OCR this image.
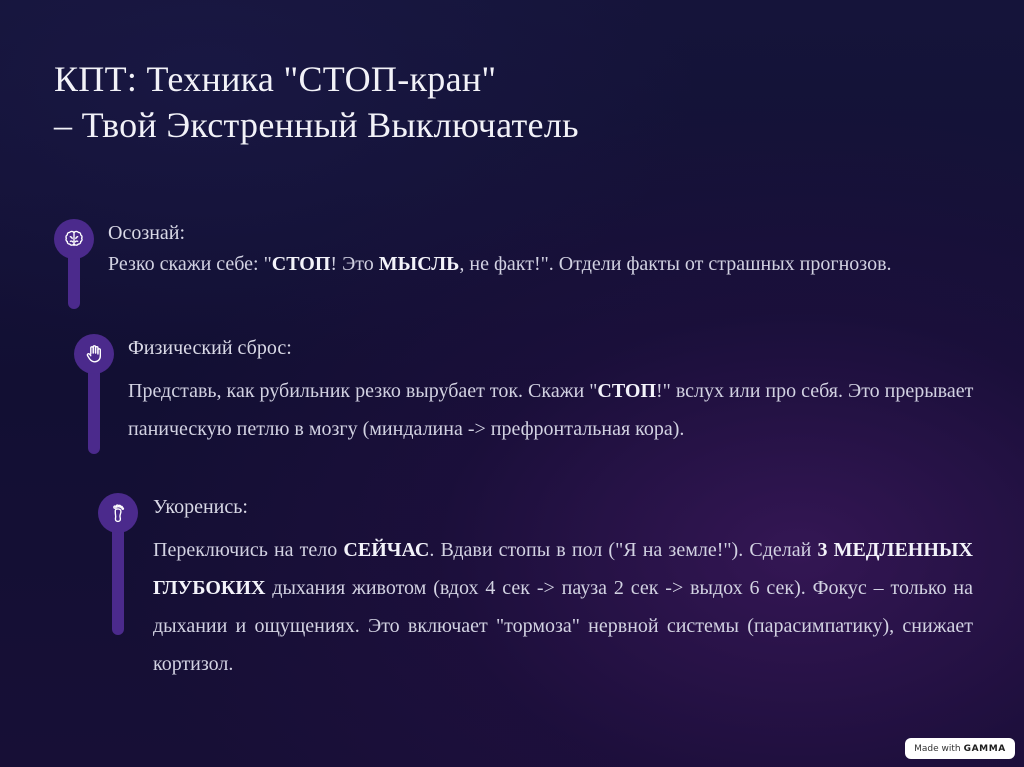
КПТ: Техника "СТОП-кран"
– Твой Экстренный Выключатель

Осознай:

Резко скажи себе: "СТОП! Это МЫСЛЬ, не факт!". Отдели факты от страшных прогнозов.

Физический сброс:

Представь, как рубильник резко вырубает ток. Скажи "СТОП!" вслух или про себя. Это прерывает паническую петлю в мозгу (миндалина -> префронтальная кора).

Укоренись:

Переключись на тело СЕЙЧАС. Вдави стопы в пол ("Я на земле!"). Сделай 3 МЕДЛЕННЫХ ГЛУБОКИХ дыхания животом (вдох 4 сек -> пауза 2 сек -> выдох 6 сек). Фокус – только на дыхании и ощущениях. Это включает "тормоза" нервной системы (парасимпатику), снижает кортизол.

Made with GAMMA
